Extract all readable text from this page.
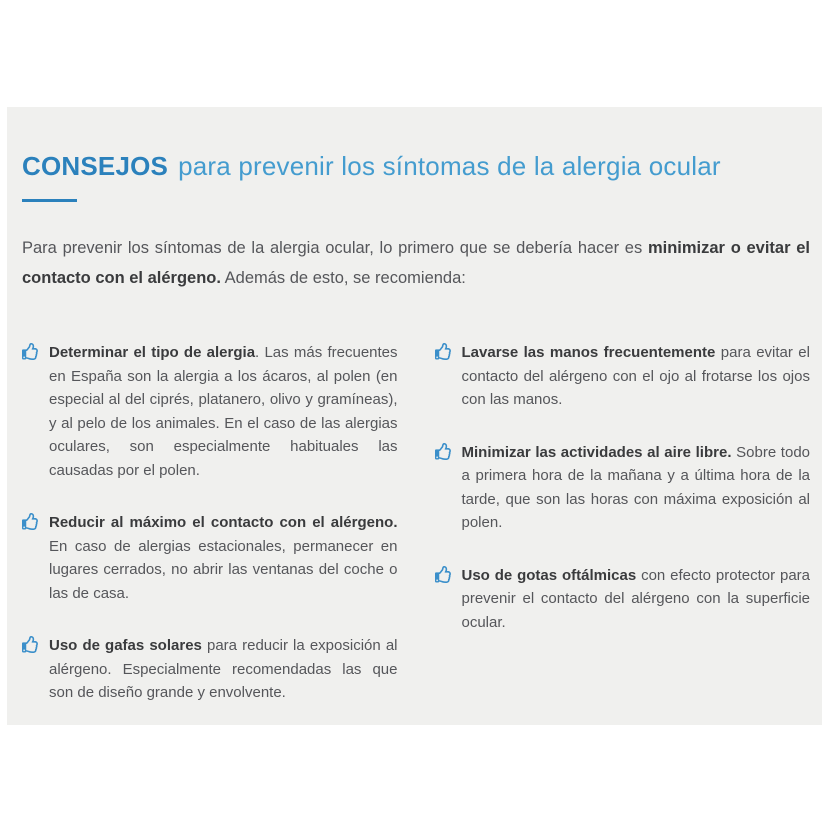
CONSEJOS para prevenir los síntomas de la alergia ocular

Para prevenir los síntomas de la alergia ocular, lo primero que se debería hacer es minimizar o evitar el contacto con el alérgeno. Además de esto, se recomienda:

Determinar el tipo de alergia. Las más frecuentes en España son la alergia a los ácaros, al polen (en especial al del ciprés, platanero, olivo y gramíneas), y al pelo de los animales. En el caso de las alergias oculares, son especialmente habituales las causadas por el polen.

Reducir al máximo el contacto con el alérgeno. En caso de alergias estacionales, permanecer en lugares cerrados, no abrir las ventanas del coche o las de casa.

Uso de gafas solares para reducir la exposición al alérgeno. Especialmente recomendadas las que son de diseño grande y envolvente.

Lavarse las manos frecuentemente para evitar el contacto del alérgeno con el ojo al frotarse los ojos con las manos.

Minimizar las actividades al aire libre. Sobre todo a primera hora de la mañana y a última hora de la tarde, que son las horas con máxima exposición al polen.

Uso de gotas oftálmicas con efecto protector para prevenir el contacto del alérgeno con la superficie ocular.
